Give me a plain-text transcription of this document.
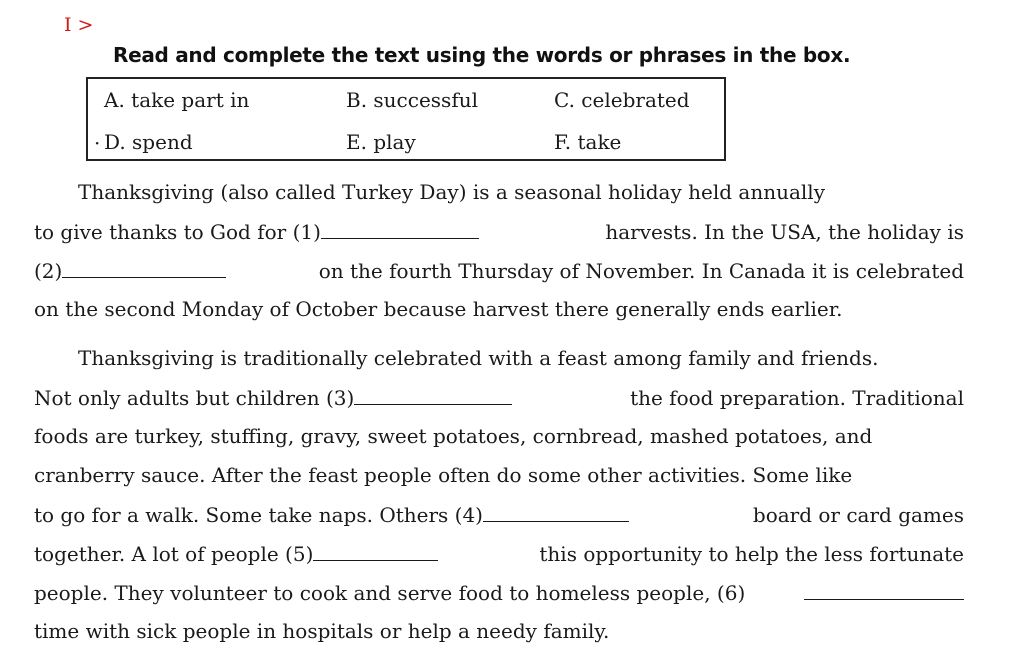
I >
Read and complete the text using the words or phrases in the box.
A. take part in	B. successful	C. celebrated
· D. spend	E. play	F. take
Thanksgiving (also called Turkey Day) is a seasonal holiday held annually
to give thanks to God for (1)	harvests. In the USA, the holiday is
(2)	on the fourth Thursday of November. In Canada it is celebrated
on the second Monday of October because harvest there generally ends earlier.
Thanksgiving is traditionally celebrated with a feast among family and friends.
Not only adults but children (3)	the food preparation. Traditional
foods are turkey, stuffing, gravy, sweet potatoes, cornbread, mashed potatoes, and
cranberry sauce. After the feast people often do some other activities. Some like
to go for a walk. Some take naps. Others (4)	board or card games
together. A lot of people (5)	this opportunity to help the less fortunate
people. They volunteer to cook and serve food to homeless people, (6)
time with sick people in hospitals or help a needy family.
